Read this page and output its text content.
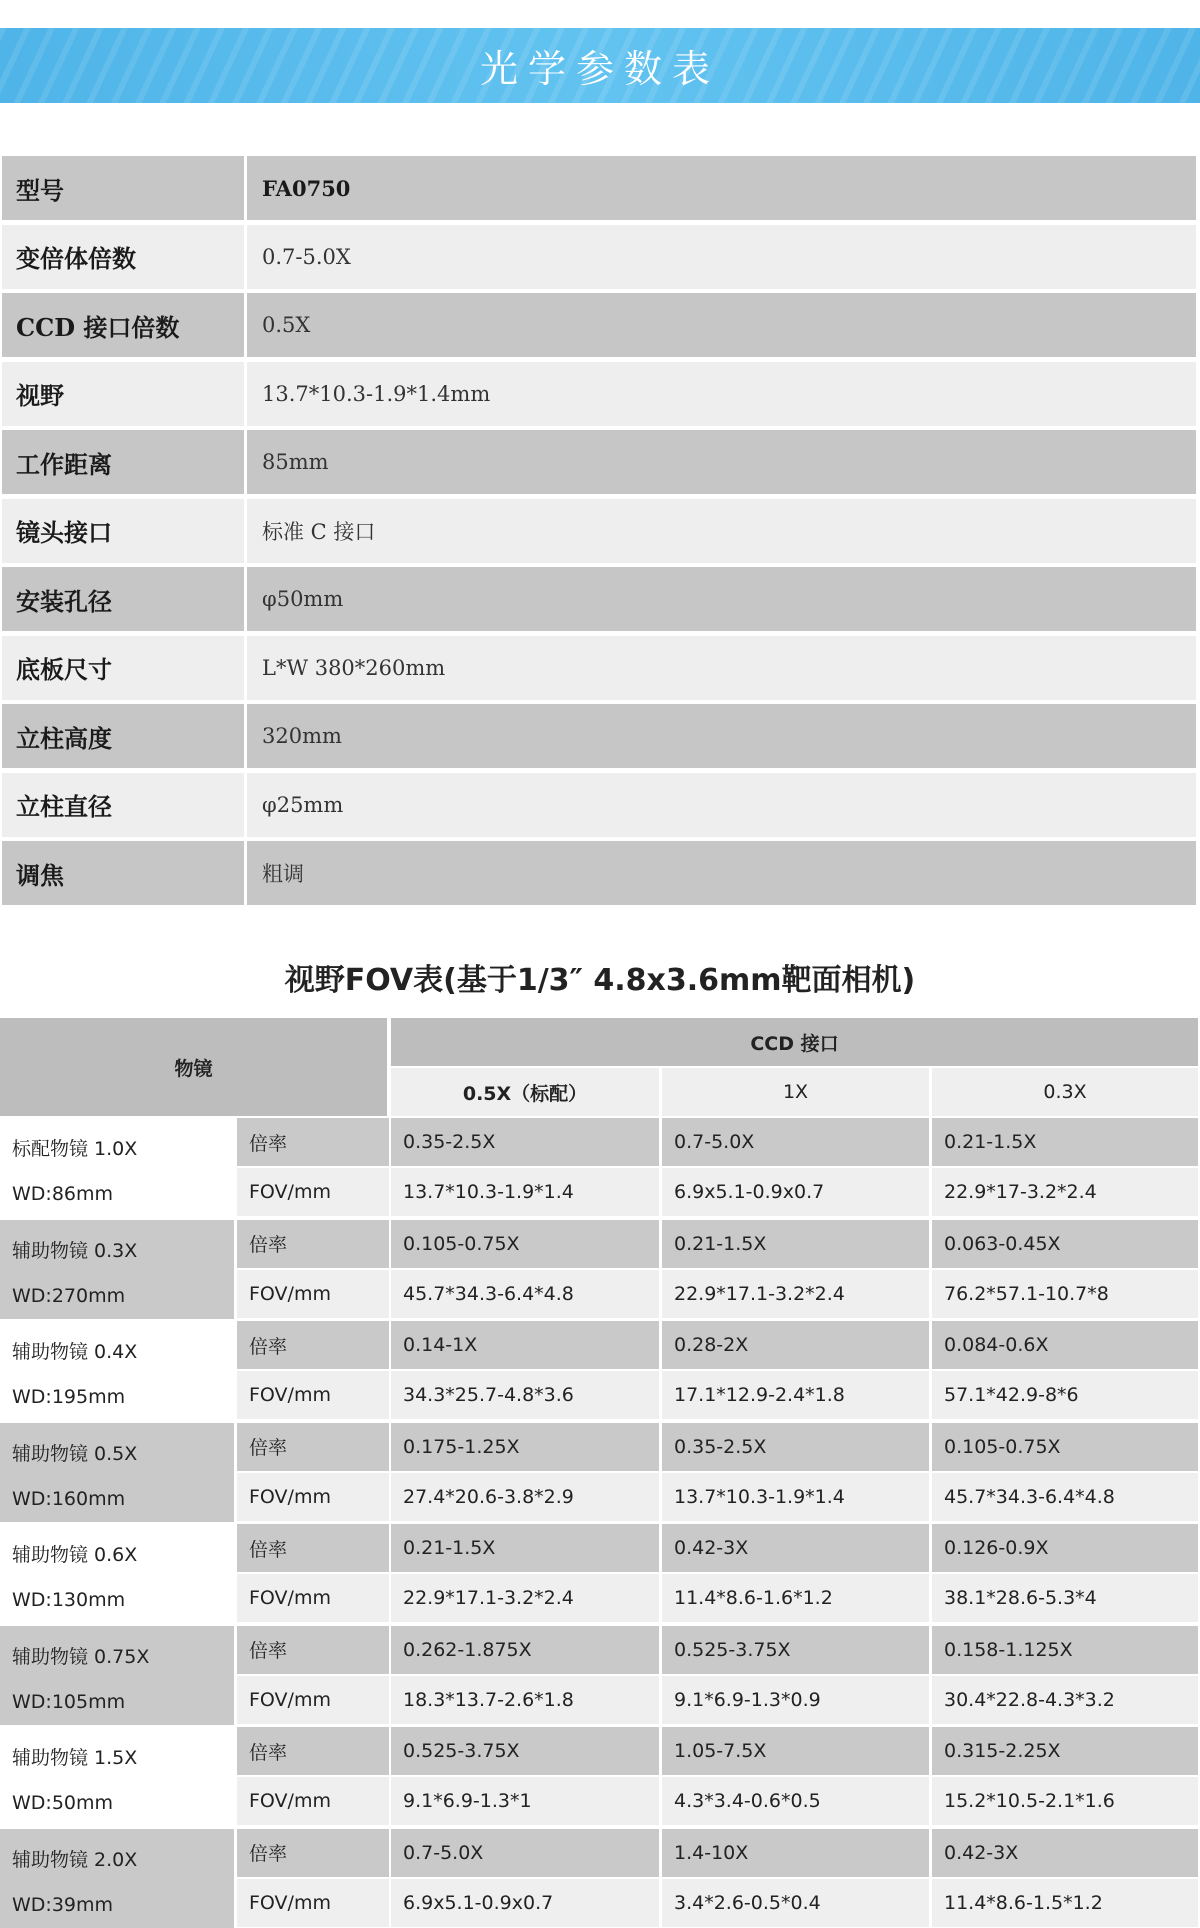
光学参数表
型号	FA0750
变倍体倍数	0.7-5.0X
CCD 接口倍数	0.5X
视野	13.7*10.3-1.9*1.4mm
工作距离	85mm
镜头接口	标准 C 接口
安装孔径	φ50mm
底板尺寸	L*W 380*260mm
立柱高度	320mm
立柱直径	φ25mm
调焦	粗调
视野FOV表(基于1/3″ 4.8x3.6mm靶面相机)
物镜
CCD 接口
0.5X（标配）	1X	0.3X
标配物镜 1.0X
WD:86mm
倍率	0.35-2.5X	0.7-5.0X	0.21-1.5X
FOV/mm	13.7*10.3-1.9*1.4	6.9x5.1-0.9x0.7	22.9*17-3.2*2.4
辅助物镜 0.3X
WD:270mm
倍率	0.105-0.75X	0.21-1.5X	0.063-0.45X
FOV/mm	45.7*34.3-6.4*4.8	22.9*17.1-3.2*2.4	76.2*57.1-10.7*8
辅助物镜 0.4X
WD:195mm
倍率	0.14-1X	0.28-2X	0.084-0.6X
FOV/mm	34.3*25.7-4.8*3.6	17.1*12.9-2.4*1.8	57.1*42.9-8*6
辅助物镜 0.5X
WD:160mm
倍率	0.175-1.25X	0.35-2.5X	0.105-0.75X
FOV/mm	27.4*20.6-3.8*2.9	13.7*10.3-1.9*1.4	45.7*34.3-6.4*4.8
辅助物镜 0.6X
WD:130mm
倍率	0.21-1.5X	0.42-3X	0.126-0.9X
FOV/mm	22.9*17.1-3.2*2.4	11.4*8.6-1.6*1.2	38.1*28.6-5.3*4
辅助物镜 0.75X
WD:105mm
倍率	0.262-1.875X	0.525-3.75X	0.158-1.125X
FOV/mm	18.3*13.7-2.6*1.8	9.1*6.9-1.3*0.9	30.4*22.8-4.3*3.2
辅助物镜 1.5X
WD:50mm
倍率	0.525-3.75X	1.05-7.5X	0.315-2.25X
FOV/mm	9.1*6.9-1.3*1	4.3*3.4-0.6*0.5	15.2*10.5-2.1*1.6
辅助物镜 2.0X
WD:39mm
倍率	0.7-5.0X	1.4-10X	0.42-3X
FOV/mm	6.9x5.1-0.9x0.7	3.4*2.6-0.5*0.4	11.4*8.6-1.5*1.2
